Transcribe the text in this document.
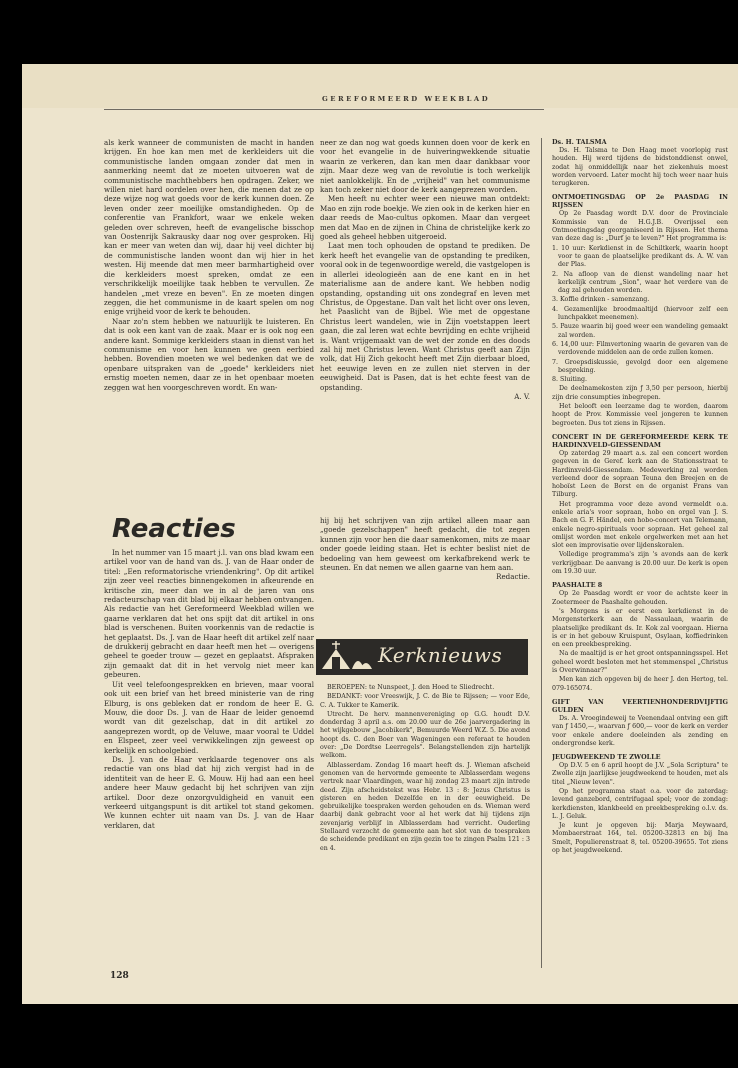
GEREFORMEERD WEEKBLAD

als kerk wanneer de communisten de macht in handen krijgen. En hoe kan men met de kerkleiders uit die communistische landen omgaan zonder dat men in aanmerking neemt dat ze moeten uitvoeren wat de communistische machthebbers hen opdragen. Zeker, we willen niet hard oordelen over hen, die menen dat ze op deze wijze nog wat goeds voor de kerk kunnen doen. Ze leven onder zeer moeilijke omstandigheden. Op de conferentie van Frankfort, waar we enkele weken geleden over schreven, heeft de evangelische bisschop van Oostenrijk Sakrausky daar nog over gesproken. Hij kan er meer van weten dan wij, daar hij veel dichter bij de communistische landen woont dan wij hier in het westen. Hij meende dat men meer barmhartigheid over die kerkleiders moest spreken, omdat ze een verschrikkelijk moeilijke taak hebben te vervullen. Ze handelen „met vreze en beven". En ze moeten dingen zeggen, die het communisme in de kaart spelen om nog enige vrijheid voor de kerk te behouden.

Naar zo'n stem hebben we natuurlijk te luisteren. En dat is ook een kant van de zaak. Maar er is ook nog een andere kant. Sommige kerkleiders staan in dienst van het communisme en voor hen kunnen we geen eerbied hebben. Bovendien moeten we wel bedenken dat we de openbare uitspraken van de „goede" kerkleiders niet ernstig moeten nemen, daar ze in het openbaar moeten zeggen wat hen voorgeschreven wordt. En wan-

neer ze dan nog wat goeds kunnen doen voor de kerk en voor het evangelie in de huiveringwekkende situatie waarin ze verkeren, dan kan men daar dankbaar voor zijn. Maar deze weg van de revolutie is toch werkelijk niet aanlokkelijk. En de „vrijheid" van het communisme kan toch zeker niet door de kerk aangeprezen worden.

Men heeft nu echter weer een nieuwe man ontdekt: Mao en zijn rode boekje. We zien ook in de kerken hier en daar reeds de Mao-cultus opkomen. Maar dan vergeet men dat Mao en de zijnen in China de christelijke kerk zo goed als geheel hebben uitgeroeid.

Laat men toch ophouden de opstand te prediken. De kerk heeft het evangelie van de opstanding te prediken, vooral ook in de tegenwoordige wereld, die vastgelopen is in allerlei ideologieën aan de ene kant en in het materialisme aan de andere kant. We hebben nodig opstanding, opstanding uit ons zondegraf en leven met Christus, de Opgestane. Dan valt het licht over ons leven, het Paaslicht van de Bijbel. Wie met de opgestane Christus leert wandelen, wie in Zijn voetstappen leert gaan, die zal leren wat echte bevrijding en echte vrijheid is. Want vrijgemaakt van de wet der zonde en des doods zal hij met Christus leven. Want Christus geeft aan Zijn volk, dat Hij Zich gekocht heeft met Zijn dierbaar bloed, het eeuwige leven en ze zullen niet sterven in der eeuwigheid. Dat is Pasen, dat is het echte feest van de opstanding.

A. V.

Reacties

In het nummer van 15 maart j.l. van ons blad kwam een artikel voor van de hand van ds. J. van de Haar onder de titel: „Een reformatorische vriendenkring". Op dit artikel zijn zeer veel reacties binnengekomen in afkeurende en kritische zin, meer dan we in al de jaren van ons redacteurschap van dit blad bij elkaar hebben ontvangen. Als redactie van het Gereformeerd Weekblad willen we gaarne verklaren dat het ons spijt dat dit artikel in ons blad is verschenen. Buiten voorkennis van de redactie is het geplaatst. Ds. J. van de Haar heeft dit artikel zelf naar de drukkerij gebracht en daar heeft men het — overigens geheel te goeder trouw — gezet en geplaatst. Afspraken zijn gemaakt dat dit in het vervolg niet meer kan gebeuren.

Uit veel telefoongesprekken en brieven, maar vooral ook uit een brief van het breed ministerie van de ring Elburg, is ons gebleken dat er rondom de heer E. G. Mouw, die door Ds. J. van de Haar de leider genoemd wordt van dit gezelschap, dat in dit artikel zo aangeprezen wordt, op de Veluwe, maar vooral te Uddel en Elspeet, zeer veel verwikkelingen zijn geweest op kerkelijk en schoolgebied.

Ds. J. van de Haar verklaarde tegenover ons als redactie van ons blad dat hij zich vergist had in de identiteit van de heer E. G. Mouw. Hij had aan een heel andere heer Mauw gedacht bij het schrijven van zijn artikel. Door deze onzorgvuldigheid en vanuit een verkeerd uitgangspunt is dit artikel tot stand gekomen. We kunnen echter uit naam van Ds. J. van de Haar verklaren, dat

hij bij het schrijven van zijn artikel alleen maar aan „goede gezelschappen" heeft gedacht, die tot zegen kunnen zijn voor hen die daar samenkomen, mits ze maar onder goede leiding staan. Het is echter beslist niet de bedoeling van hem geweest om kerkafbrekend werk te steunen. En dat nemen we allen gaarne van hem aan.

Redactie.

Kerknieuws

BEROEPEN: te Nunspeet, J. den Hoed te Sliedrecht.

BEDANKT: voor Vreeswijk, J. C. de Bie te Rijssen; — voor Ede, C. A. Tukker te Kamerik.

Utrecht. De herv. mannenvereniging op G.G. houdt D.V. donderdag 3 april a.s. om 20.00 uur de 26e jaarvergadering in het wijkgebouw „Jacobikerk", Bemuurde Weerd W.Z. 5. Die avond hoopt ds. C. den Boer van Wageningen een referaat te houden over: „De Dordtse Leerregels". Belangstellenden zijn hartelijk welkom.

Alblasserdam. Zondag 16 maart heeft ds. J. Wieman afscheid genomen van de hervormde gemeente te Alblasserdam wegens vertrek naar Vlaardingen, waar hij zondag 23 maart zijn intrede deed. Zijn afscheidstekst was Hebr. 13 : 8: Jezus Christus is gisteren en heden Dezelfde en in der eeuwigheid. De gebruikelijke toespraken werden gehouden en ds. Wieman werd daarbij dank gebracht voor al het werk dat hij tijdens zijn zevenjarig verblijf in Alblasserdam had verricht. Ouderling Stellaard verzocht de gemeente aan het slot van de toespraken de scheidende predikant en zijn gezin toe te zingen Psalm 121 : 3 en 4.

Ds. H. TALSMA

Ds. H. Talsma te Den Haag moet voorlopig rust houden. Hij werd tijdens de bidstonddienst onwel, zodat hij onmiddellijk naar het ziekenhuis moest worden vervoerd. Later mocht hij toch weer naar huis terugkeren.

ONTMOETINGSDAG OP 2e PAASDAG IN RIJSSEN

Op 2e Paasdag wordt D.V. door de Provinciale Kommissie van de H.G.J.B. Overijssel een Ontmoetingsdag georganiseerd in Rijssen. Het thema van deze dag is: „Durf je te leven?" Het programma is:

1. 10 uur: Kerkdienst in de Schiltkerk, waarin hoopt voor te gaan de plaatselijke predikant ds. A. W. van der Plas.

2. Na afloop van de dienst wandeling naar het kerkelijk centrum „Sion", waar het verdere van de dag zal gehouden worden.

3. Koffie drinken - samenzang.

4. Gezamenlijke broodmaaltijd (hiervoor zelf een lunchpakket meenemen).

5. Pauze waarin bij goed weer een wandeling gemaakt zal worden.

6. 14,00 uur: Filmvertoning waarin de gevaren van de verdovende middelen aan de orde zullen komen.

7. Groepsdiskussie, gevolgd door een algemene bespreking.

8. Sluiting.

De deelnamekosten zijn ƒ 3,50 per persoon, hierbij zijn drie consumpties inbegrepen.

Het belooft een leerzame dag te worden, daarom hoopt de Prov. Kommissie veel jongeren te kunnen begroeten. Dus tot ziens in Rijssen.

CONCERT IN DE GEREFORMEERDE KERK TE HARDINXVELD-GIESSENDAM

Op zaterdag 29 maart a.s. zal een concert worden gegeven in de Geref. kerk aan de Stationsstraat te Hardinxveld-Giessendam. Medewerking zal worden verleend door de sopraan Teuna den Breejen en de hoboïst Leen de Borst en de organist Frans van Tilburg.

Het programma voor deze avond vermeldt o.a. enkele aria's voor sopraan, hobo en orgel van J. S. Bach en G. F. Händel, een hobo-concert van Telemann, enkele negro-spirituals voor sopraan. Het geheel zal omlijst worden met enkele orgelwerken met aan het slot een improvisatie over lijdenskoralen.

Volledige programma's zijn 's avonds aan de kerk verkrijgbaar. De aanvang is 20.00 uur. De kerk is open om 19.30 uur.

PAASHALTE 8

Op 2e Paasdag wordt er voor de achtste keer in Zoetermeer de Paashalte gehouden.

's Morgens is er eerst een kerkdienst in de Morgensterkerk aan de Nassaulaan, waarin de plaatselijke predikant ds. Ir. Kok zal voorgaan. Hierna is er in het gebouw Kruispunt, Osylaan, koffiedrinken en een preekbespreking.

Na de maaltijd is er het groot ontspanningsspel. Het geheel wordt besloten met het stemmenspel „Christus is Overwinnaar?"

Men kan zich opgeven bij de heer J. den Hertog, tel. 079-165074.

GIFT VAN VEERTIENHONDERDVIJFTIG GULDEN

Ds. A. Vroegindeweij te Veenendaal ontving een gift van ƒ 1450,—, waarvan ƒ 600,— voor de kerk en verder voor enkele andere doeleinden als zending en ondergrondse kerk.

JEUGDWEEKEND TE ZWOLLE

Op D.V. 5 en 6 april hoopt de J.V. „Sola Scriptura" te Zwolle zijn jaarlijkse jeugdweekend te houden, met als titel „Nieuw leven".

Op het programma staat o.a. voor de zaterdag: levend ganzebord, centrifugaal spel; voor de zondag: kerkdiensten, klankbeeld en preekbespreking o.l.v. ds. L. J. Geluk.

Je kunt je opgeven bij: Marja Meywaard, Mombaerstraat 164, tel. 05200-32813 en bij Ina Smelt, Populierenstraat 8, tel. 05200-39655. Tot ziens op het jeugdweekend.

128
